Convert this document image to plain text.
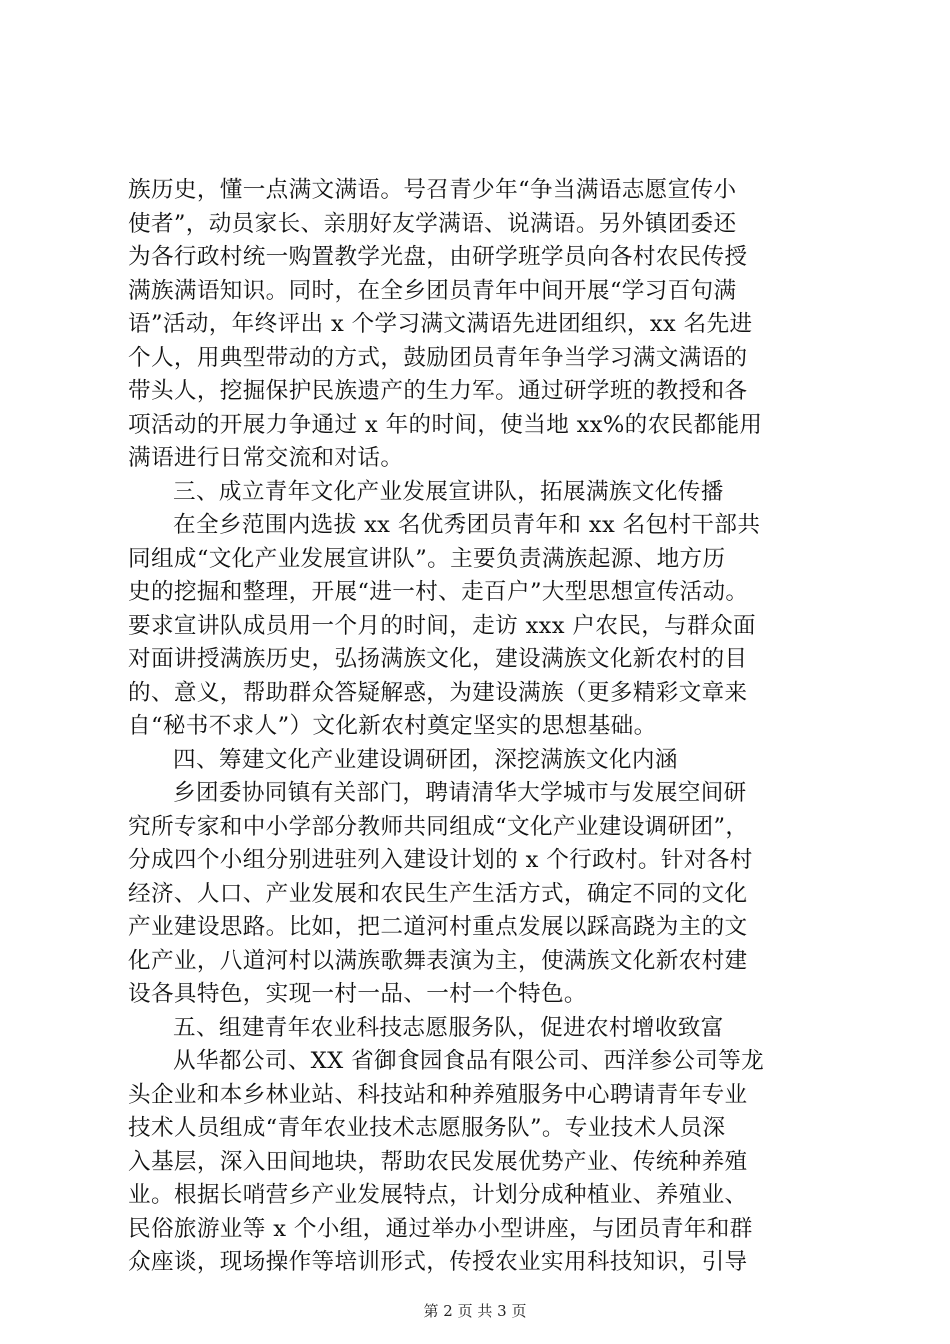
族历史，懂一点满文满语。号召青少年“争当满语志愿宣传小
使者”，动员家长、亲朋好友学满语、说满语。另外镇团委还
为各行政村统一购置教学光盘，由研学班学员向各村农民传授
满族满语知识。同时，在全乡团员青年中间开展“学习百句满
语”活动，年终评出 x 个学习满文满语先进团组织，xx 名先进
个人，用典型带动的方式，鼓励团员青年争当学习满文满语的
带头人，挖掘保护民族遗产的生力军。通过研学班的教授和各
项活动的开展力争通过 x 年的时间，使当地 xx%的农民都能用
满语进行日常交流和对话。
三、成立青年文化产业发展宣讲队，拓展满族文化传播
在全乡范围内选拔 xx 名优秀团员青年和 xx 名包村干部共
同组成“文化产业发展宣讲队”。主要负责满族起源、地方历
史的挖掘和整理，开展“进一村、走百户”大型思想宣传活动。
要求宣讲队成员用一个月的时间，走访 xxx 户农民，与群众面
对面讲授满族历史，弘扬满族文化，建设满族文化新农村的目
的、意义，帮助群众答疑解惑，为建设满族（更多精彩文章来
自“秘书不求人”）文化新农村奠定坚实的思想基础。
四、筹建文化产业建设调研团，深挖满族文化内涵
乡团委协同镇有关部门，聘请清华大学城市与发展空间研
究所专家和中小学部分教师共同组成“文化产业建设调研团”，
分成四个小组分别进驻列入建设计划的 x 个行政村。针对各村
经济、人口、产业发展和农民生产生活方式，确定不同的文化
产业建设思路。比如，把二道河村重点发展以踩高跷为主的文
化产业，八道河村以满族歌舞表演为主，使满族文化新农村建
设各具特色，实现一村一品、一村一个特色。
五、组建青年农业科技志愿服务队，促进农村增收致富
从华都公司、XX 省御食园食品有限公司、西洋参公司等龙
头企业和本乡林业站、科技站和种养殖服务中心聘请青年专业
技术人员组成“青年农业技术志愿服务队”。专业技术人员深
入基层，深入田间地块，帮助农民发展优势产业、传统种养殖
业。根据长哨营乡产业发展特点，计划分成种植业、养殖业、
民俗旅游业等 x 个小组，通过举办小型讲座，与团员青年和群
众座谈，现场操作等培训形式，传授农业实用科技知识，引导
第 2 页 共 3 页
